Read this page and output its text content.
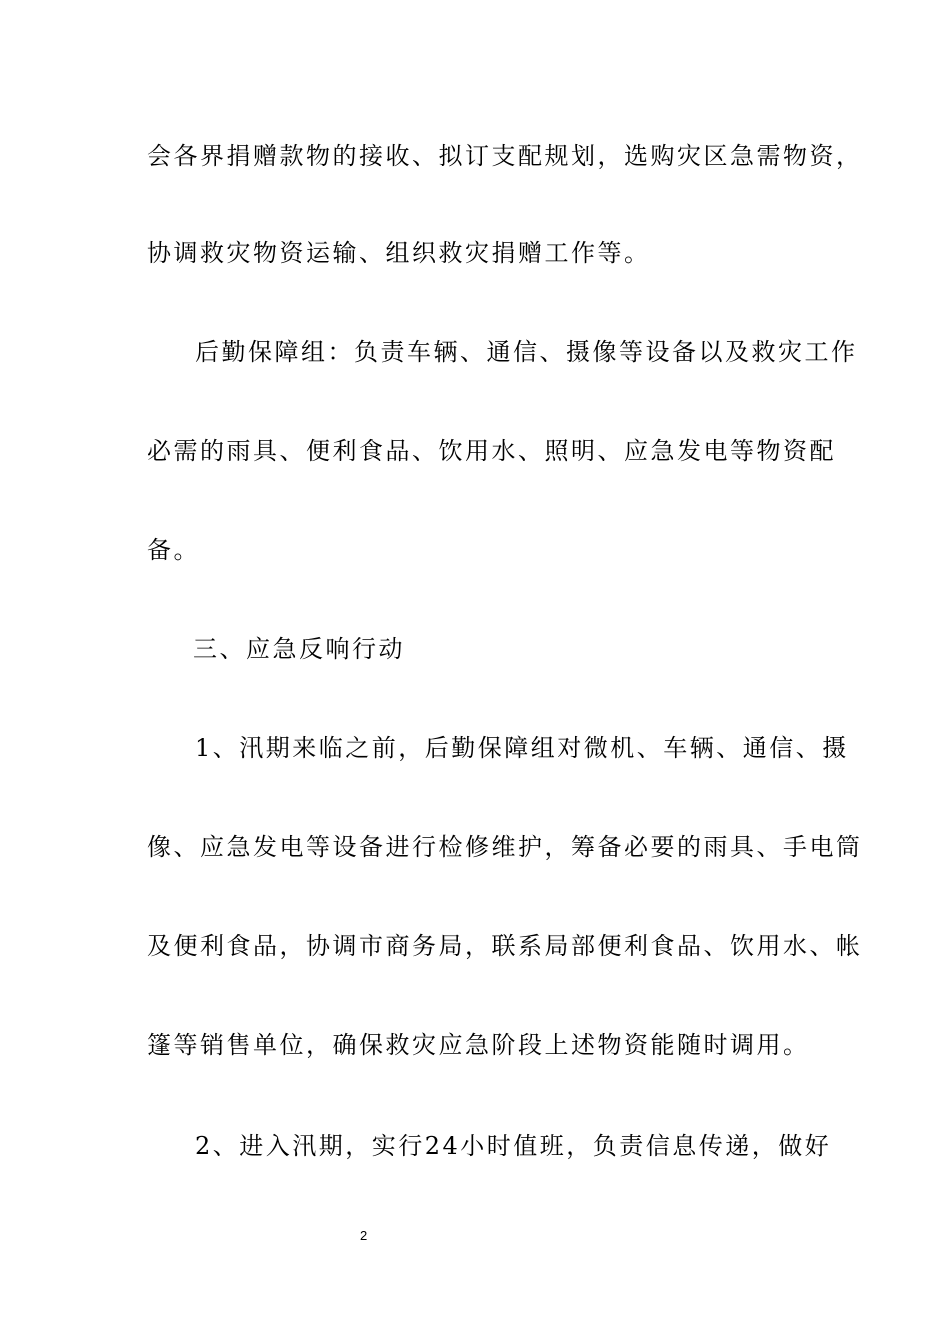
会各界捐赠款物的接收、拟订支配规划，选购灾区急需物资，
协调救灾物资运输、组织救灾捐赠工作等。
后勤保障组：负责车辆、通信、摄像等设备以及救灾工作
必需的雨具、便利食品、饮用水、照明、应急发电等物资配
备。
三、应急反响行动
1、汛期来临之前，后勤保障组对微机、车辆、通信、摄
像、应急发电等设备进行检修维护，筹备必要的雨具、手电筒
及便利食品，协调市商务局，联系局部便利食品、饮用水、帐
篷等销售单位，确保救灾应急阶段上述物资能随时调用。
2、进入汛期，实行24小时值班，负责信息传递，做好
2
